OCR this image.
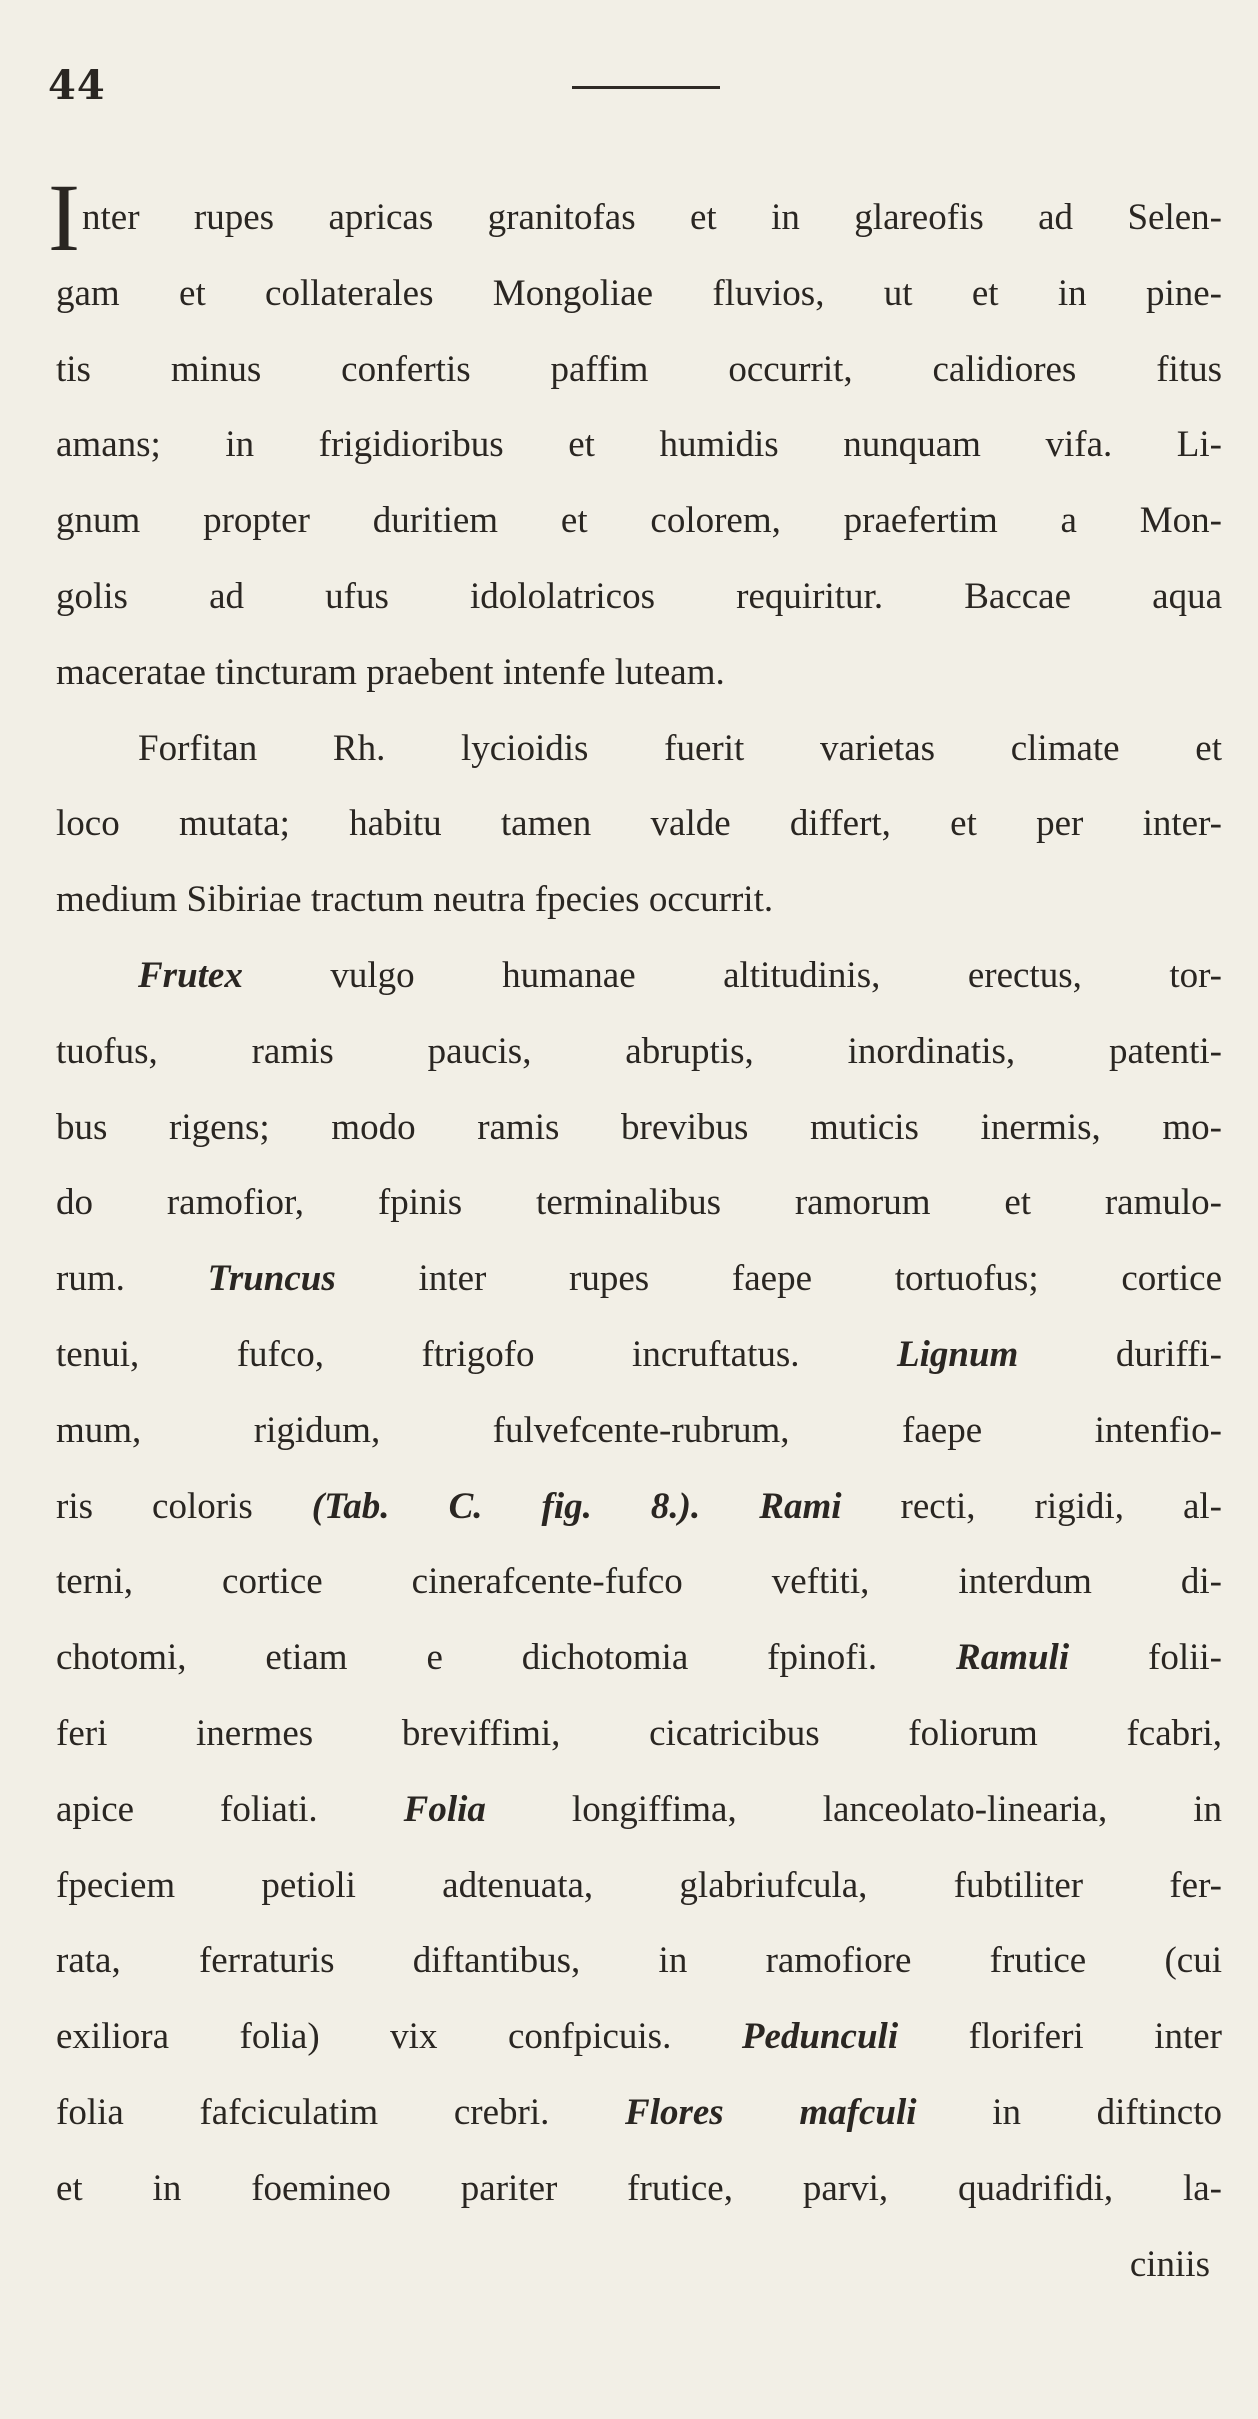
44
nter rupes apricas granitofas et in glareofis ad Selen-
gam et collaterales Mongoliae fluvios, ut et in pine-
tis minus confertis paffim occurrit, calidiores fitus
amans; in frigidioribus et humidis nunquam vifa. Li-
gnum propter duritiem et colorem, praefertim a Mon-
golis ad ufus idololatricos requiritur. Baccae aqua
maceratae tincturam praebent intenfe luteam.
I
Forfitan Rh. lycioidis fuerit varietas climate et
loco mutata; habitu tamen valde differt, et per inter-
medium Sibiriae tractum neutra fpecies occurrit.
Frutex vulgo humanae altitudinis, erectus, tor-
tuofus, ramis paucis, abruptis, inordinatis, patenti-
bus rigens; modo ramis brevibus muticis inermis, mo-
do ramofior, fpinis terminalibus ramorum et ramulo-
rum. Truncus inter rupes faepe tortuofus; cortice
tenui, fufco, ftrigofo incruftatus. Lignum duriffi-
mum, rigidum, fulvefcente-rubrum, faepe intenfio-
ris coloris (Tab. C. fig. 8.). Rami recti, rigidi, al-
terni, cortice cinerafcente-fufco veftiti, interdum di-
chotomi, etiam e dichotomia fpinofi. Ramuli folii-
feri inermes breviffimi, cicatricibus foliorum fcabri,
apice foliati. Folia longiffima, lanceolato-linearia, in
fpeciem petioli adtenuata, glabriufcula, fubtiliter fer-
rata, ferraturis diftantibus, in ramofiore frutice (cui
exiliora folia) vix confpicuis. Pedunculi floriferi inter
folia fafciculatim crebri. Flores mafculi in diftincto
et in foemineo pariter frutice, parvi, quadrifidi, la-
ciniis
